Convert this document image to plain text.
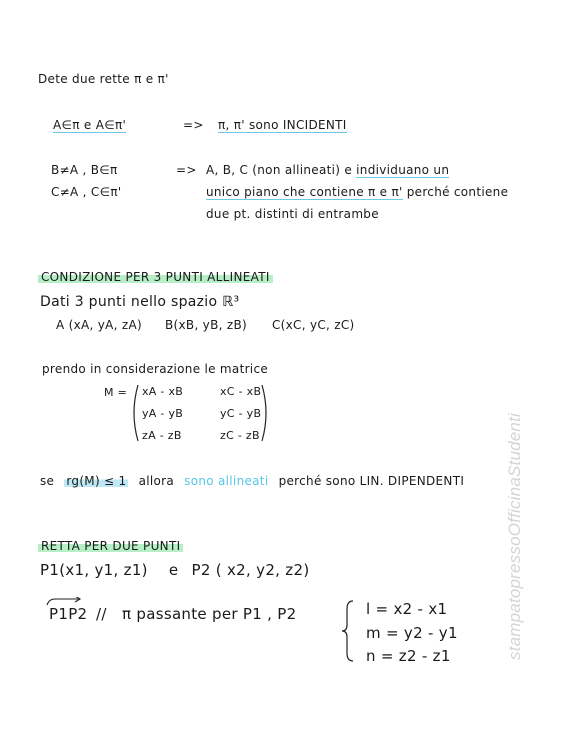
Dete due rette π e π'
A∈π e A∈π'	=> π, π' sono INCIDENTI
B≠A , B∈π
C≠A , C∈π'
=> A, B, C (non allineati) e individuano un
unico piano che contiene π e π' perché contiene
due pt. distinti di entrambe
CONDIZIONE PER 3 PUNTI ALLINEATI
Dati 3 punti nello spazio ℝ³
A (xA, yA, zA) B(xB, yB, zB) C(xC, yC, zC)
prendo in considerazione le matrice
M = xA - xB	xC - xB
yA - yB	yC - yB
zA - zB	zC - zB
se rg(M) ≤ 1 allora sono allineati perché sono LIN. DIPENDENTI
RETTA PER DUE PUNTI
P1(x1, y1, z1) e P2 ( x2, y2, z2)
P1P2 // π passante per P1 , P2	l = x2 - x1
m = y2 - y1
n = z2 - z1	stampatopressoOfficinaStudenti
